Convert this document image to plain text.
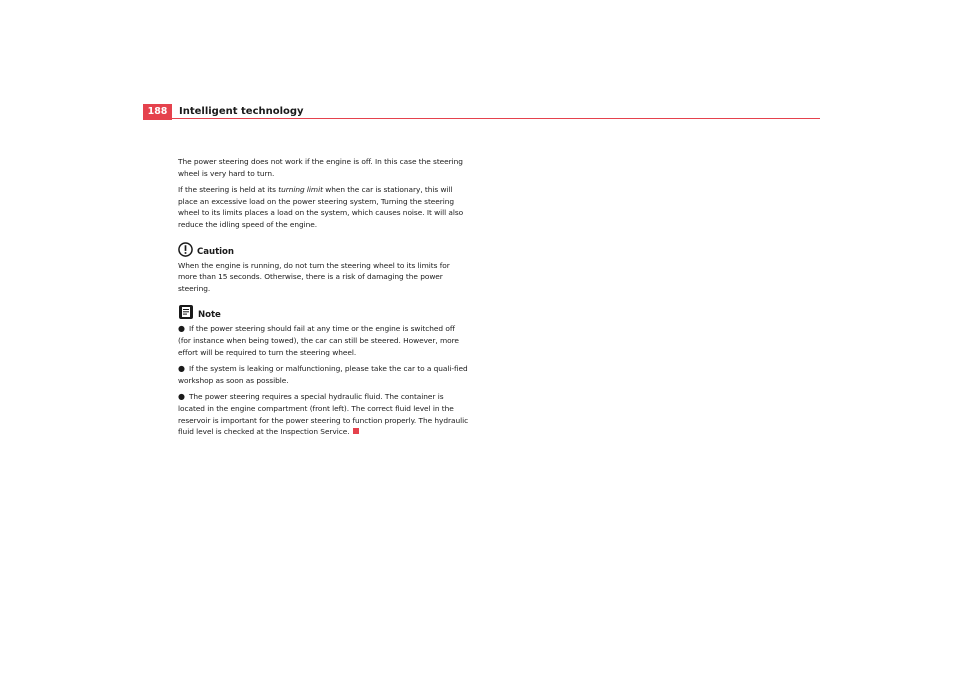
188	Intelligent technology

The power steering does not work if the engine is off. In this case the steering wheel is very hard to turn.

If the steering is held at its turning limit when the car is stationary, this will place an excessive load on the power steering system, Turning the steering wheel to its limits places a load on the system, which causes noise. It will also reduce the idling speed of the engine.

Caution

When the engine is running, do not turn the steering wheel to its limits for more than 15 seconds. Otherwise, there is a risk of damaging the power steering.

Note

● If the power steering should fail at any time or the engine is switched off (for instance when being towed), the car can still be steered. However, more effort will be required to turn the steering wheel.

● If the system is leaking or malfunctioning, please take the car to a quali-fied workshop as soon as possible.

● The power steering requires a special hydraulic fluid. The container is located in the engine compartment (front left). The correct fluid level in the reservoir is important for the power steering to function properly. The hydraulic fluid level is checked at the Inspection Service.
